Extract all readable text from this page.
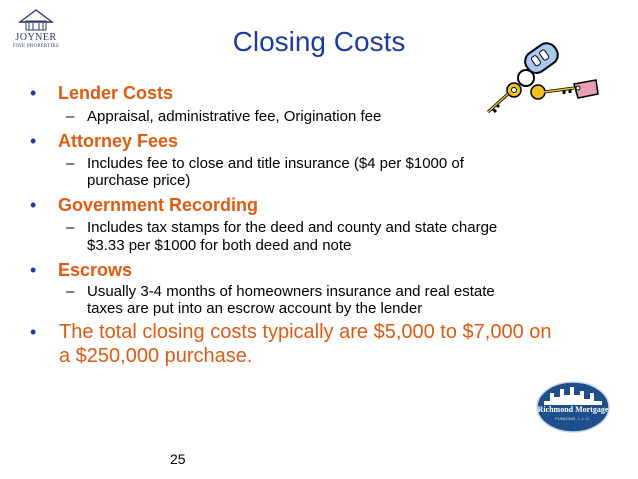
JOYNER
FINE PROPERTIES	Closing Costs
• Lender Costs
– Appraisal, administrative fee, Origination fee
• Attorney Fees
– Includes fee to close and title insurance ($4 per $1000 of
purchase price)
• Government Recording
– Includes tax stamps for the deed and county and state charge
$3.33 per $1000 for both deed and note
• Escrows
– Usually 3-4 months of homeowners insurance and real estate
taxes are put into an escrow account by the lender
• The total closing costs typically are $5,000 to $7,000 on
a $250,000 purchase.
Richmond Mortgage
FUNDING, L.L.C.
25
